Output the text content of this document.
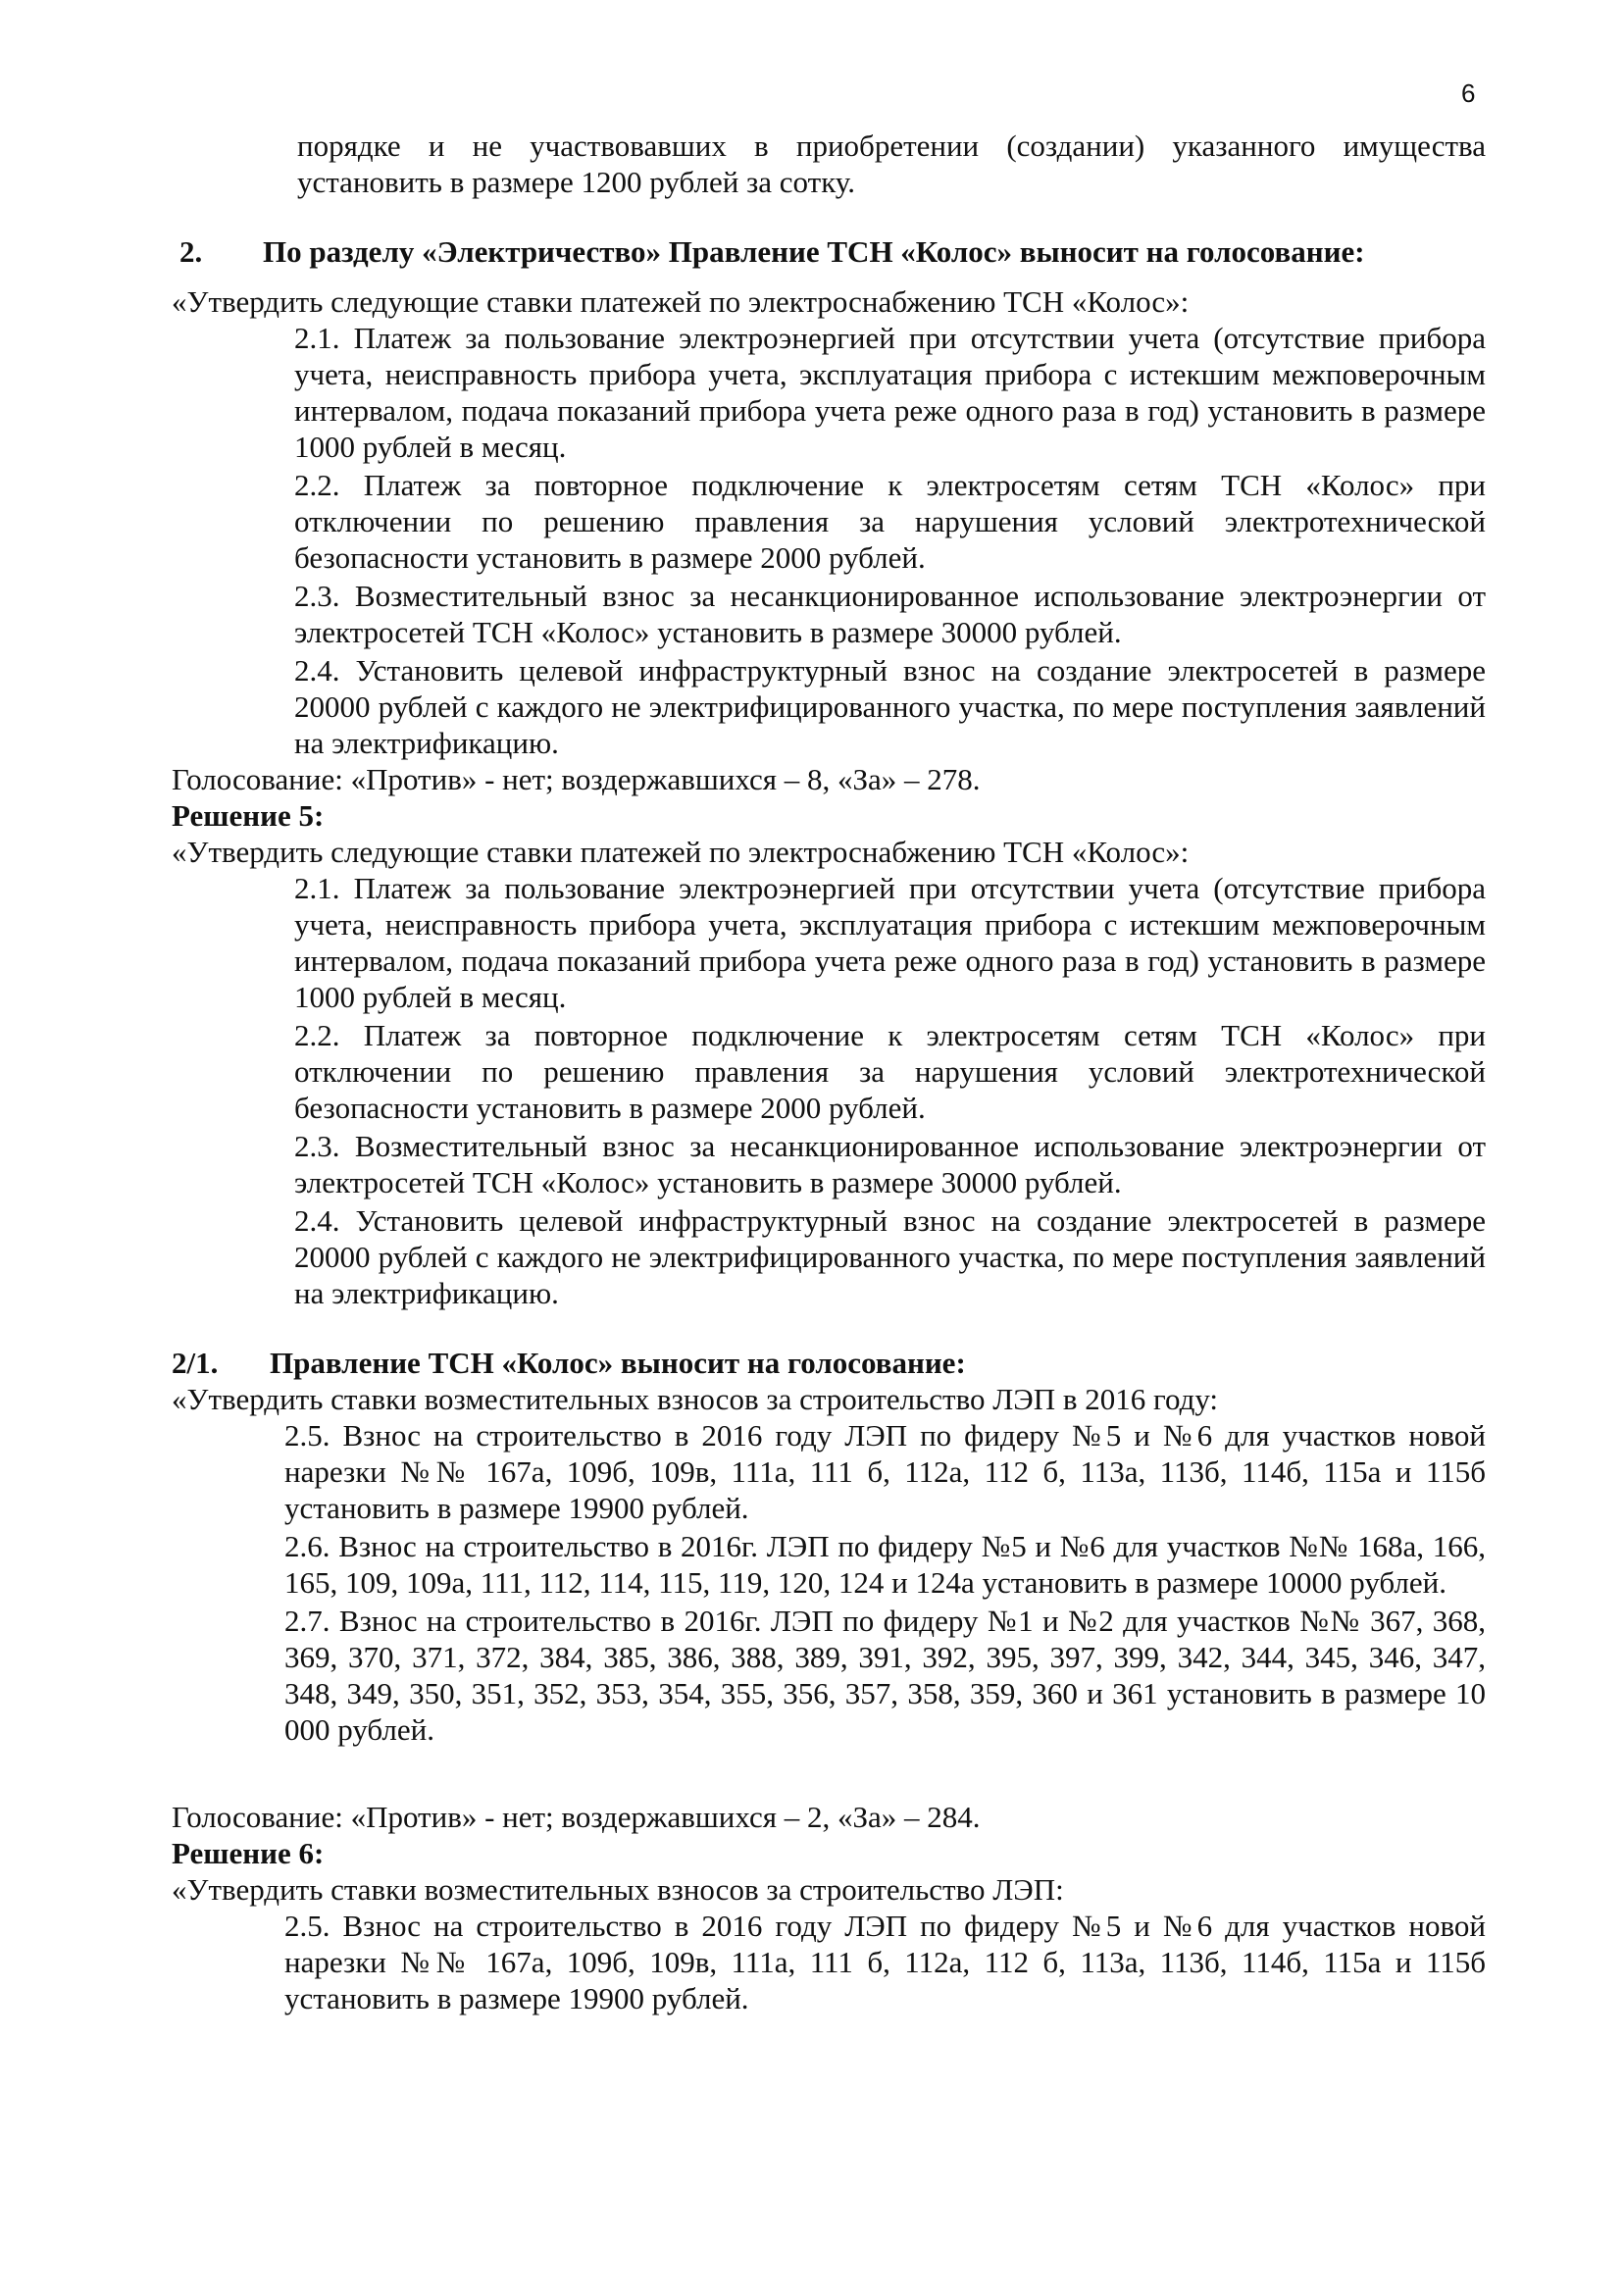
6

порядке и не участвовавших в приобретении (создании) указанного имущества

установить в размере 1200 рублей за сотку.

2.	По разделу «Электричество» Правление ТСН «Колос» выносит на голосование:

«Утвердить следующие ставки платежей по электроснабжению ТСН «Колос»:

2.1. Платеж за пользование электроэнергией при отсутствии учета (отсутствие прибора учета, неисправность прибора учета, эксплуатация прибора с истекшим межповерочным интервалом, подача показаний прибора учета реже одного раза в год) установить в размере 1000 рублей в месяц.

2.2. Платеж за повторное подключение к электросетям сетям ТСН «Колос» при отключении по решению правления за нарушения условий электротехнической безопасности установить в размере 2000 рублей.

2.3. Возместительный взнос за несанкционированное использование электроэнергии от электросетей ТСН «Колос» установить в размере 30000 рублей.

2.4. Установить целевой инфраструктурный взнос на создание электросетей в размере 20000 рублей с каждого не электрифицированного участка, по мере поступления заявлений на электрификацию.

Голосование: «Против» - нет; воздержавшихся – 8, «За» – 278.

Решение 5:

«Утвердить следующие ставки платежей по электроснабжению ТСН «Колос»:

2.1. Платеж за пользование электроэнергией при отсутствии учета (отсутствие прибора учета, неисправность прибора учета, эксплуатация прибора с истекшим межповерочным интервалом, подача показаний прибора учета реже одного раза в год) установить в размере 1000 рублей в месяц.

2.2. Платеж за повторное подключение к электросетям сетям ТСН «Колос» при отключении по решению правления за нарушения условий электротехнической безопасности установить в размере 2000 рублей.

2.3. Возместительный взнос за несанкционированное использование электроэнергии от электросетей ТСН «Колос» установить в размере 30000 рублей.

2.4. Установить целевой инфраструктурный взнос на создание электросетей в размере 20000 рублей с каждого не электрифицированного участка, по мере поступления заявлений на электрификацию.

2/1.	Правление ТСН «Колос» выносит на голосование:

«Утвердить ставки возместительных взносов за строительство ЛЭП в 2016 году:

2.5. Взнос на строительство в 2016 году ЛЭП по фидеру №5 и №6 для участков новой нарезки №№ 167а, 109б, 109в, 111а, 111 б, 112а, 112 б, 113а, 113б, 114б, 115а и 115б установить в размере 19900 рублей.

2.6. Взнос на строительство в 2016г. ЛЭП по фидеру №5 и №6 для участков №№ 168а, 166, 165, 109, 109а, 111, 112, 114, 115, 119, 120, 124 и 124а установить в размере 10000 рублей.

2.7. Взнос на строительство в 2016г. ЛЭП по фидеру №1 и №2 для участков №№ 367, 368, 369, 370, 371, 372, 384, 385, 386, 388, 389, 391, 392, 395, 397, 399, 342, 344, 345, 346, 347, 348, 349, 350, 351, 352, 353, 354, 355, 356, 357, 358, 359, 360 и 361 установить в размере 10 000 рублей.

Голосование: «Против» - нет; воздержавшихся – 2, «За» – 284.

Решение 6:

«Утвердить ставки возместительных взносов за строительство ЛЭП:

2.5. Взнос на строительство в 2016 году ЛЭП по фидеру №5 и №6 для участков новой нарезки №№ 167а, 109б, 109в, 111а, 111 б, 112а, 112 б, 113а, 113б, 114б, 115а и 115б установить в размере 19900 рублей.
